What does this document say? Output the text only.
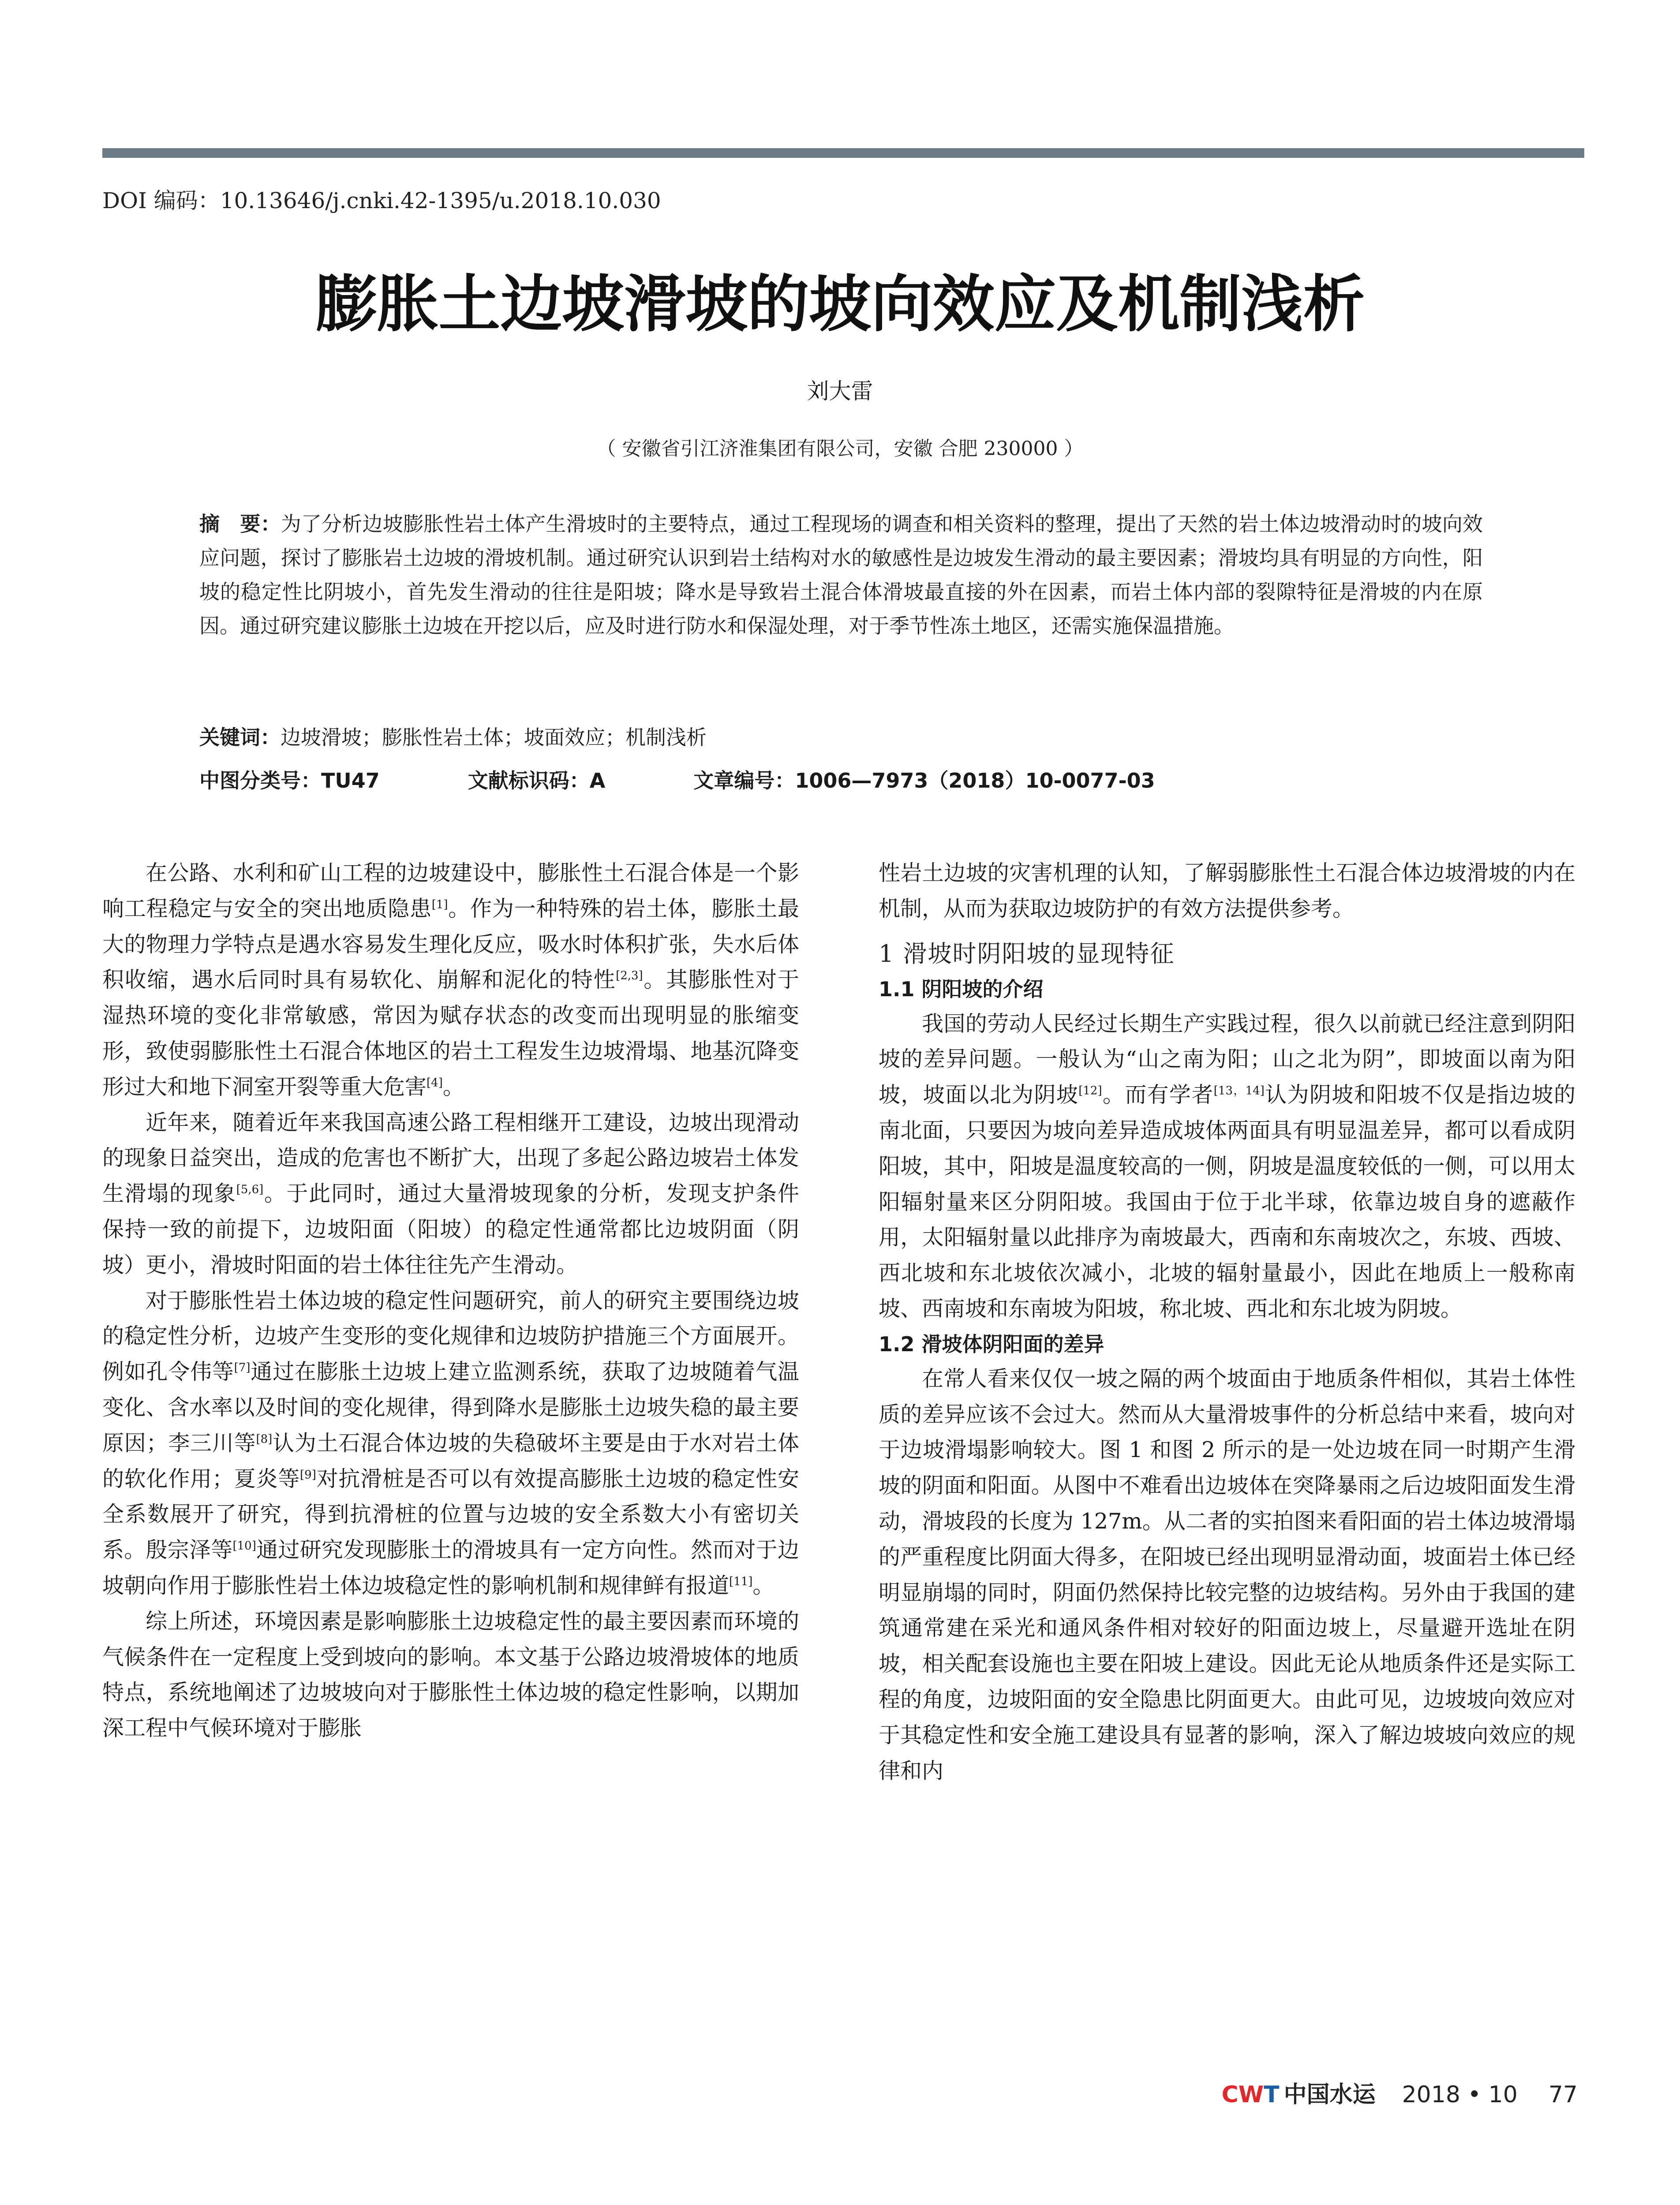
DOI 编码：10.13646/j.cnki.42-1395/u.2018.10.030
膨胀土边坡滑坡的坡向效应及机制浅析
刘大雷
（ 安徽省引江济淮集团有限公司，安徽 合肥 230000 ）
摘　要：为了分析边坡膨胀性岩土体产生滑坡时的主要特点，通过工程现场的调查和相关资料的整理，提出了天然的岩土体边坡滑动时的坡向效应问题，探讨了膨胀岩土边坡的滑坡机制。通过研究认识到岩土结构对水的敏感性是边坡发生滑动的最主要因素；滑坡均具有明显的方向性，阳坡的稳定性比阴坡小，首先发生滑动的往往是阳坡；降水是导致岩土混合体滑坡最直接的外在因素，而岩土体内部的裂隙特征是滑坡的内在原因。通过研究建议膨胀土边坡在开挖以后，应及时进行防水和保湿处理，对于季节性冻土地区，还需实施保温措施。
关键词：边坡滑坡；膨胀性岩土体；坡面效应；机制浅析
中图分类号：TU47	文献标识码：A	文章编号：1006—7973（2018）10-0077-03

在公路、水利和矿山工程的边坡建设中，膨胀性土石混合体是一个影响工程稳定与安全的突出地质隐患[1]。作为一种特殊的岩土体，膨胀土最大的物理力学特点是遇水容易发生理化反应，吸水时体积扩张，失水后体积收缩，遇水后同时具有易软化、崩解和泥化的特性[2,3]。其膨胀性对于湿热环境的变化非常敏感，常因为赋存状态的改变而出现明显的胀缩变形，致使弱膨胀性土石混合体地区的岩土工程发生边坡滑塌、地基沉降变形过大和地下洞室开裂等重大危害[4]。

近年来，随着近年来我国高速公路工程相继开工建设，边坡出现滑动的现象日益突出，造成的危害也不断扩大，出现了多起公路边坡岩土体发生滑塌的现象[5,6]。于此同时，通过大量滑坡现象的分析，发现支护条件保持一致的前提下，边坡阳面（阳坡）的稳定性通常都比边坡阴面（阴坡）更小，滑坡时阳面的岩土体往往先产生滑动。

对于膨胀性岩土体边坡的稳定性问题研究，前人的研究主要围绕边坡的稳定性分析，边坡产生变形的变化规律和边坡防护措施三个方面展开。例如孔令伟等[7]通过在膨胀土边坡上建立监测系统，获取了边坡随着气温变化、含水率以及时间的变化规律，得到降水是膨胀土边坡失稳的最主要原因；李三川等[8]认为土石混合体边坡的失稳破坏主要是由于水对岩土体的软化作用；夏炎等[9]对抗滑桩是否可以有效提高膨胀土边坡的稳定性安全系数展开了研究，得到抗滑桩的位置与边坡的安全系数大小有密切关系。殷宗泽等[10]通过研究发现膨胀土的滑坡具有一定方向性。然而对于边坡朝向作用于膨胀性岩土体边坡稳定性的影响机制和规律鲜有报道[11]。

综上所述，环境因素是影响膨胀土边坡稳定性的最主要因素而环境的气候条件在一定程度上受到坡向的影响。本文基于公路边坡滑坡体的地质特点，系统地阐述了边坡坡向对于膨胀性土体边坡的稳定性影响，以期加深工程中气候环境对于膨胀

性岩土边坡的灾害机理的认知，了解弱膨胀性土石混合体边坡滑坡的内在机制，从而为获取边坡防护的有效方法提供参考。

1 滑坡时阴阳坡的显现特征
1.1 阴阳坡的介绍

我国的劳动人民经过长期生产实践过程，很久以前就已经注意到阴阳坡的差异问题。一般认为“山之南为阳；山之北为阴”，即坡面以南为阳坡，坡面以北为阴坡[12]。而有学者[13，14]认为阴坡和阳坡不仅是指边坡的南北面，只要因为坡向差异造成坡体两面具有明显温差异，都可以看成阴阳坡，其中，阳坡是温度较高的一侧，阴坡是温度较低的一侧，可以用太阳辐射量来区分阴阳坡。我国由于位于北半球，依靠边坡自身的遮蔽作用，太阳辐射量以此排序为南坡最大，西南和东南坡次之，东坡、西坡、西北坡和东北坡依次减小，北坡的辐射量最小，因此在地质上一般称南坡、西南坡和东南坡为阳坡，称北坡、西北和东北坡为阴坡。

1.2 滑坡体阴阳面的差异

在常人看来仅仅一坡之隔的两个坡面由于地质条件相似，其岩土体性质的差异应该不会过大。然而从大量滑坡事件的分析总结中来看，坡向对于边坡滑塌影响较大。图 1 和图 2 所示的是一处边坡在同一时期产生滑坡的阴面和阳面。从图中不难看出边坡体在突降暴雨之后边坡阳面发生滑动，滑坡段的长度为 127m。从二者的实拍图来看阳面的岩土体边坡滑塌的严重程度比阴面大得多，在阳坡已经出现明显滑动面，坡面岩土体已经明显崩塌的同时，阴面仍然保持比较完整的边坡结构。另外由于我国的建筑通常建在采光和通风条件相对较好的阳面边坡上，尽量避开选址在阴坡，相关配套设施也主要在阳坡上建设。因此无论从地质条件还是实际工程的角度，边坡阳面的安全隐患比阴面更大。由此可见，边坡坡向效应对于其稳定性和安全施工建设具有显著的影响，深入了解边坡坡向效应的规律和内

CWT 中国水运 2018 • 10 77
